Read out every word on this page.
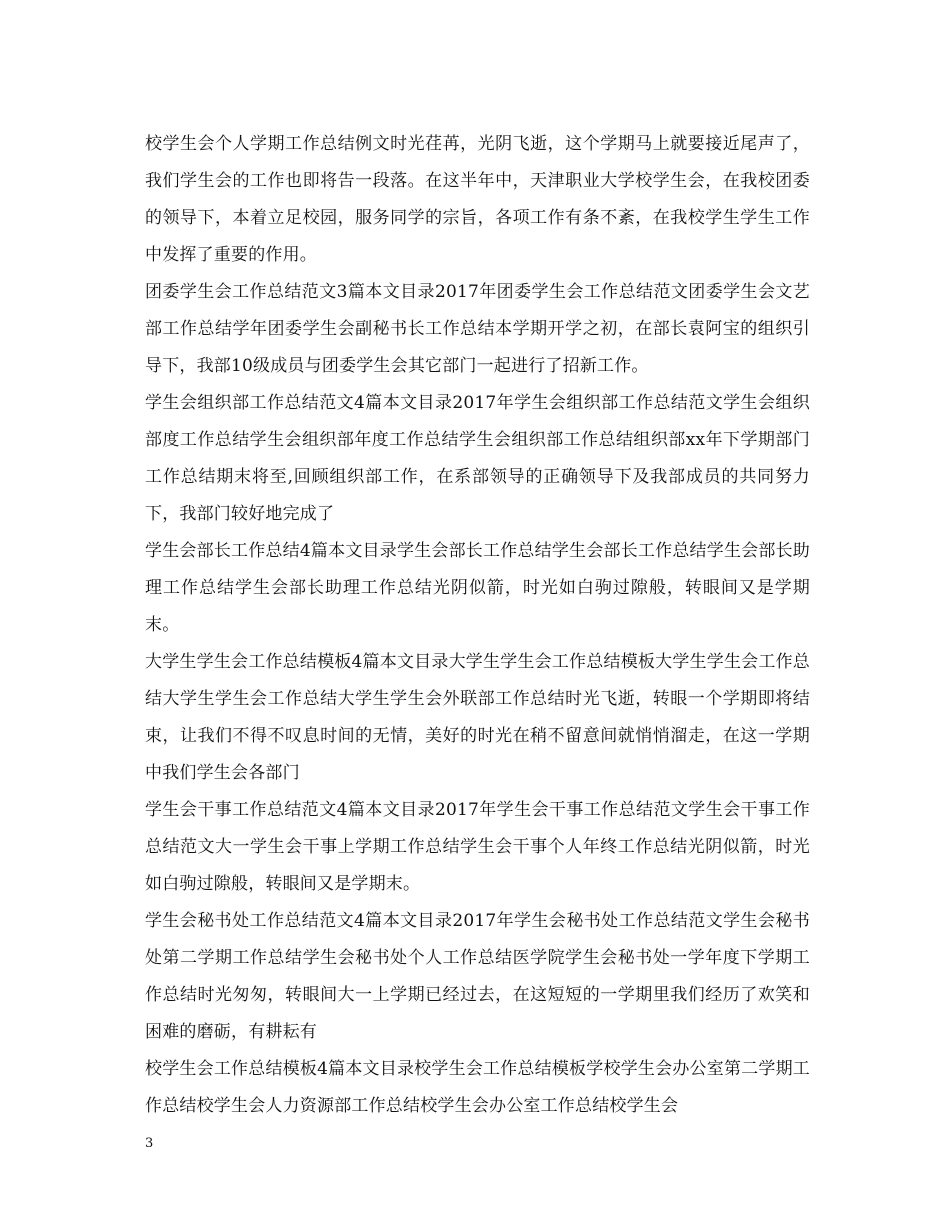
校学生会个人学期工作总结例文时光荏苒，光阴飞逝，这个学期马上就要接近尾声了，我们学生会的工作也即将告一段落。在这半年中，天津职业大学校学生会，在我校团委的领导下，本着立足校园，服务同学的宗旨，各项工作有条不紊，在我校学生学生工作中发挥了重要的作用。

团委学生会工作总结范文3篇本文目录2017年团委学生会工作总结范文团委学生会文艺部工作总结学年团委学生会副秘书长工作总结本学期开学之初，在部长袁阿宝的组织引导下，我部10级成员与团委学生会其它部门一起进行了招新工作。

学生会组织部工作总结范文4篇本文目录2017年学生会组织部工作总结范文学生会组织部度工作总结学生会组织部年度工作总结学生会组织部工作总结组织部xx年下学期部门工作总结期末将至,回顾组织部工作，在系部领导的正确领导下及我部成员的共同努力下，我部门较好地完成了

学生会部长工作总结4篇本文目录学生会部长工作总结学生会部长工作总结学生会部长助理工作总结学生会部长助理工作总结光阴似箭，时光如白驹过隙般，转眼间又是学期末。

大学生学生会工作总结模板4篇本文目录大学生学生会工作总结模板大学生学生会工作总结大学生学生会工作总结大学生学生会外联部工作总结时光飞逝，转眼一个学期即将结束，让我们不得不叹息时间的无情，美好的时光在稍不留意间就悄悄溜走，在这一学期中我们学生会各部门

学生会干事工作总结范文4篇本文目录2017年学生会干事工作总结范文学生会干事工作总结范文大一学生会干事上学期工作总结学生会干事个人年终工作总结光阴似箭，时光如白驹过隙般，转眼间又是学期末。

学生会秘书处工作总结范文4篇本文目录2017年学生会秘书处工作总结范文学生会秘书处第二学期工作总结学生会秘书处个人工作总结医学院学生会秘书处一学年度下学期工作总结时光匆匆，转眼间大一上学期已经过去，在这短短的一学期里我们经历了欢笑和困难的磨砺，有耕耘有

校学生会工作总结模板4篇本文目录校学生会工作总结模板学校学生会办公室第二学期工作总结校学生会人力资源部工作总结校学生会办公室工作总结校学生会

3
